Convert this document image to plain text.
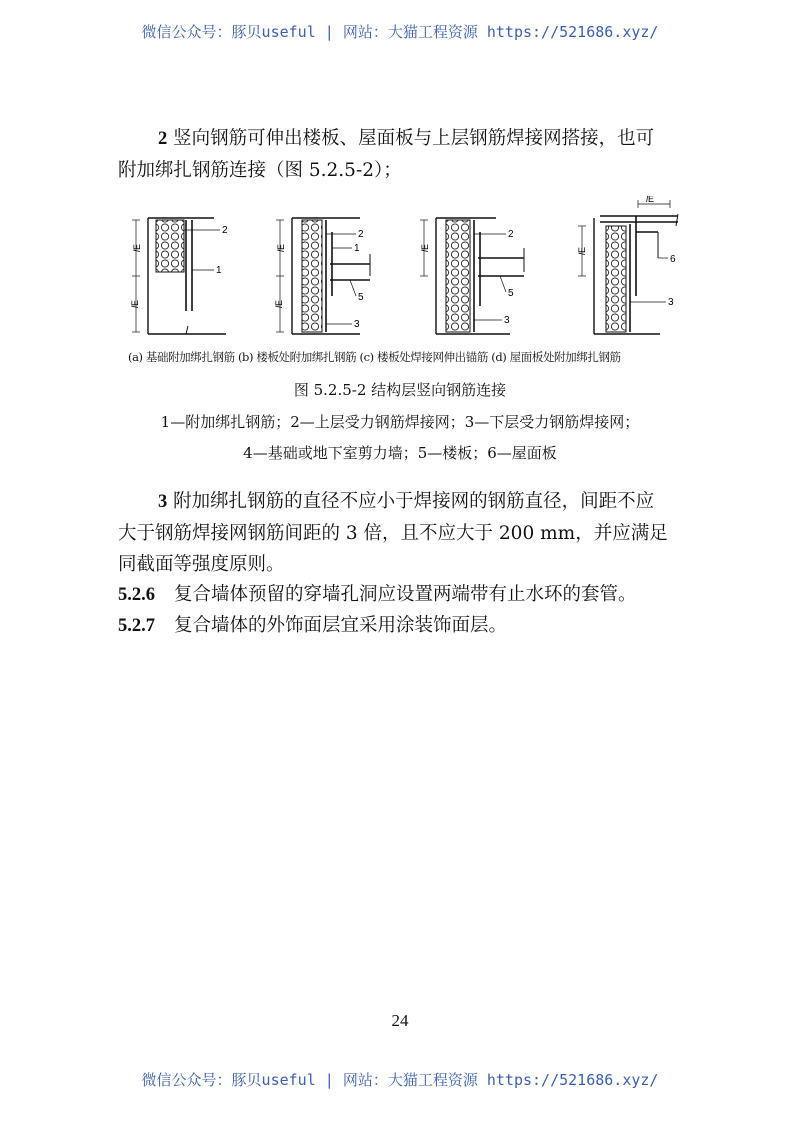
微信公众号：豚贝useful | 网站：大猫工程资源 https://521686.xyz/
2 竖向钢筋可伸出楼板、屋面板与上层钢筋焊接网搭接，也可
附加绑扎钢筋连接（图 5.2.5-2）；
lE
lE
2
1
lE
lE
2
1
5
3
lE
2
5
3
lE
lE
6
3
(a) 基础附加绑扎钢筋 (b) 楼板处附加绑扎钢筋 (c) 楼板处焊接网伸出锚筋 (d) 屋面板处附加绑扎钢筋
图 5.2.5-2 结构层竖向钢筋连接
1—附加绑扎钢筋；2—上层受力钢筋焊接网；3—下层受力钢筋焊接网；
4—基础或地下室剪力墙；5—楼板；6—屋面板
3 附加绑扎钢筋的直径不应小于焊接网的钢筋直径，间距不应
大于钢筋焊接网钢筋间距的 3 倍，且不应大于 200 mm，并应满足
同截面等强度原则。
5.2.6 复合墙体预留的穿墙孔洞应设置两端带有止水环的套管。
5.2.7 复合墙体的外饰面层宜采用涂装饰面层。
24
微信公众号：豚贝useful | 网站：大猫工程资源 https://521686.xyz/
